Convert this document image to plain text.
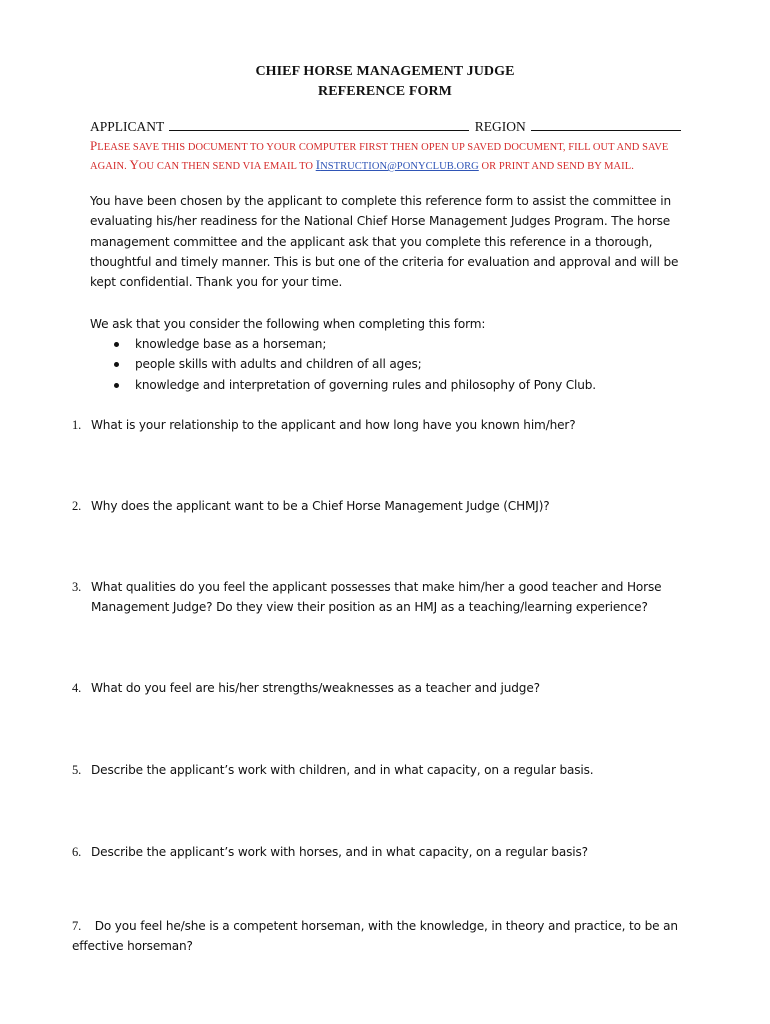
CHIEF HORSE MANAGEMENT JUDGE
REFERENCE FORM
APPLICANT	REGION
PLEASE SAVE THIS DOCUMENT TO YOUR COMPUTER FIRST THEN OPEN UP SAVED DOCUMENT, FILL OUT AND SAVE
AGAIN. YOU CAN THEN SEND VIA EMAIL TO INSTRUCTION@PONYCLUB.ORG OR PRINT AND SEND BY MAIL.
You have been chosen by the applicant to complete this reference form to assist the committee in
evaluating his/her readiness for the National Chief Horse Management Judges Program. The horse
management committee and the applicant ask that you complete this reference in a thorough,
thoughtful and timely manner. This is but one of the criteria for evaluation and approval and will be
kept confidential. Thank you for your time.
We ask that you consider the following when completing this form:
knowledge base as a horseman;
people skills with adults and children of all ages;
knowledge and interpretation of governing rules and philosophy of Pony Club.
1. What is your relationship to the applicant and how long have you known him/her?
2. Why does the applicant want to be a Chief Horse Management Judge (CHMJ)?
3. What qualities do you feel the applicant possesses that make him/her a good teacher and Horse
Management Judge? Do they view their position as an HMJ as a teaching/learning experience?
4. What do you feel are his/her strengths/weaknesses as a teacher and judge?
5. Describe the applicant’s work with children, and in what capacity, on a regular basis.
6. Describe the applicant’s work with horses, and in what capacity, on a regular basis?
7. Do you feel he/she is a competent horseman, with the knowledge, in theory and practice, to be an
effective horseman?
